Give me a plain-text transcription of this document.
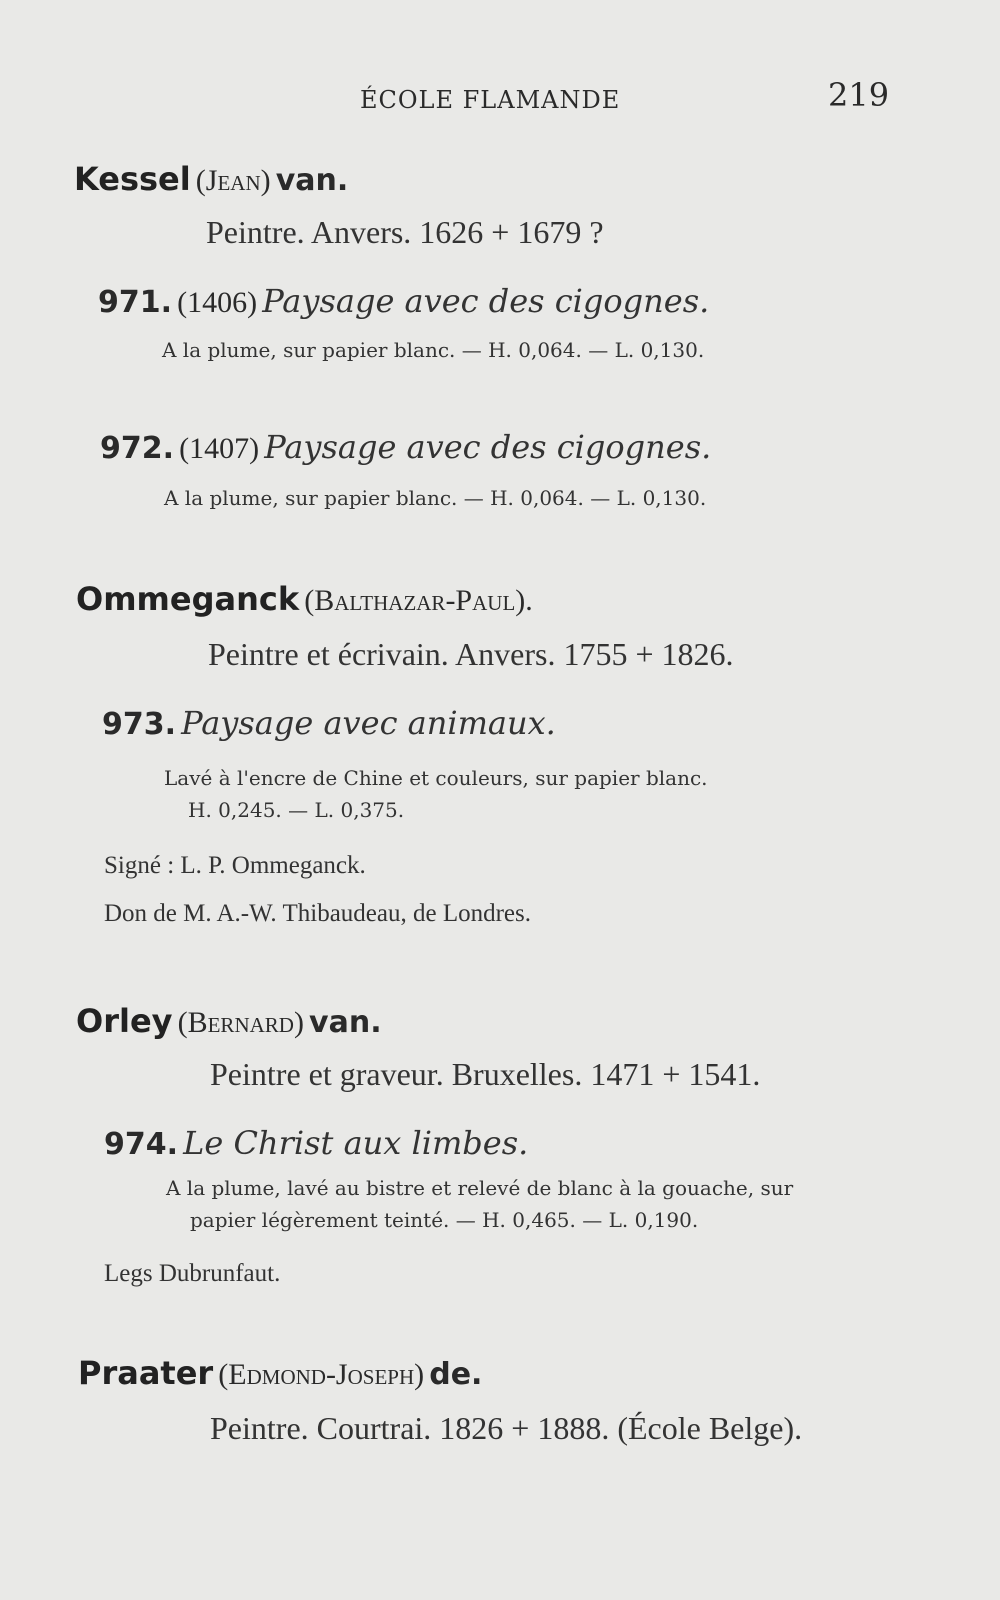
ÉCOLE FLAMANDE	219
Kessel (Jean) van.
Peintre. Anvers. 1626 + 1679 ?
971. (1406) Paysage avec des cigognes.
A la plume, sur papier blanc. — H. 0,064. — L. 0,130.
972. (1407) Paysage avec des cigognes.
A la plume, sur papier blanc. — H. 0,064. — L. 0,130.
Ommeganck (Balthazar-Paul).
Peintre et écrivain. Anvers. 1755 + 1826.
973. Paysage avec animaux.
Lavé à l'encre de Chine et couleurs, sur papier blanc.
H. 0,245. — L. 0,375.
Signé : L. P. Ommeganck.
Don de M. A.-W. Thibaudeau, de Londres.
Orley (Bernard) van.
Peintre et graveur. Bruxelles. 1471 + 1541.
974. Le Christ aux limbes.
A la plume, lavé au bistre et relevé de blanc à la gouache, sur
papier légèrement teinté. — H. 0,465. — L. 0,190.
Legs Dubrunfaut.
Praater (Edmond-Joseph) de.
Peintre. Courtrai. 1826 + 1888. (École Belge).
